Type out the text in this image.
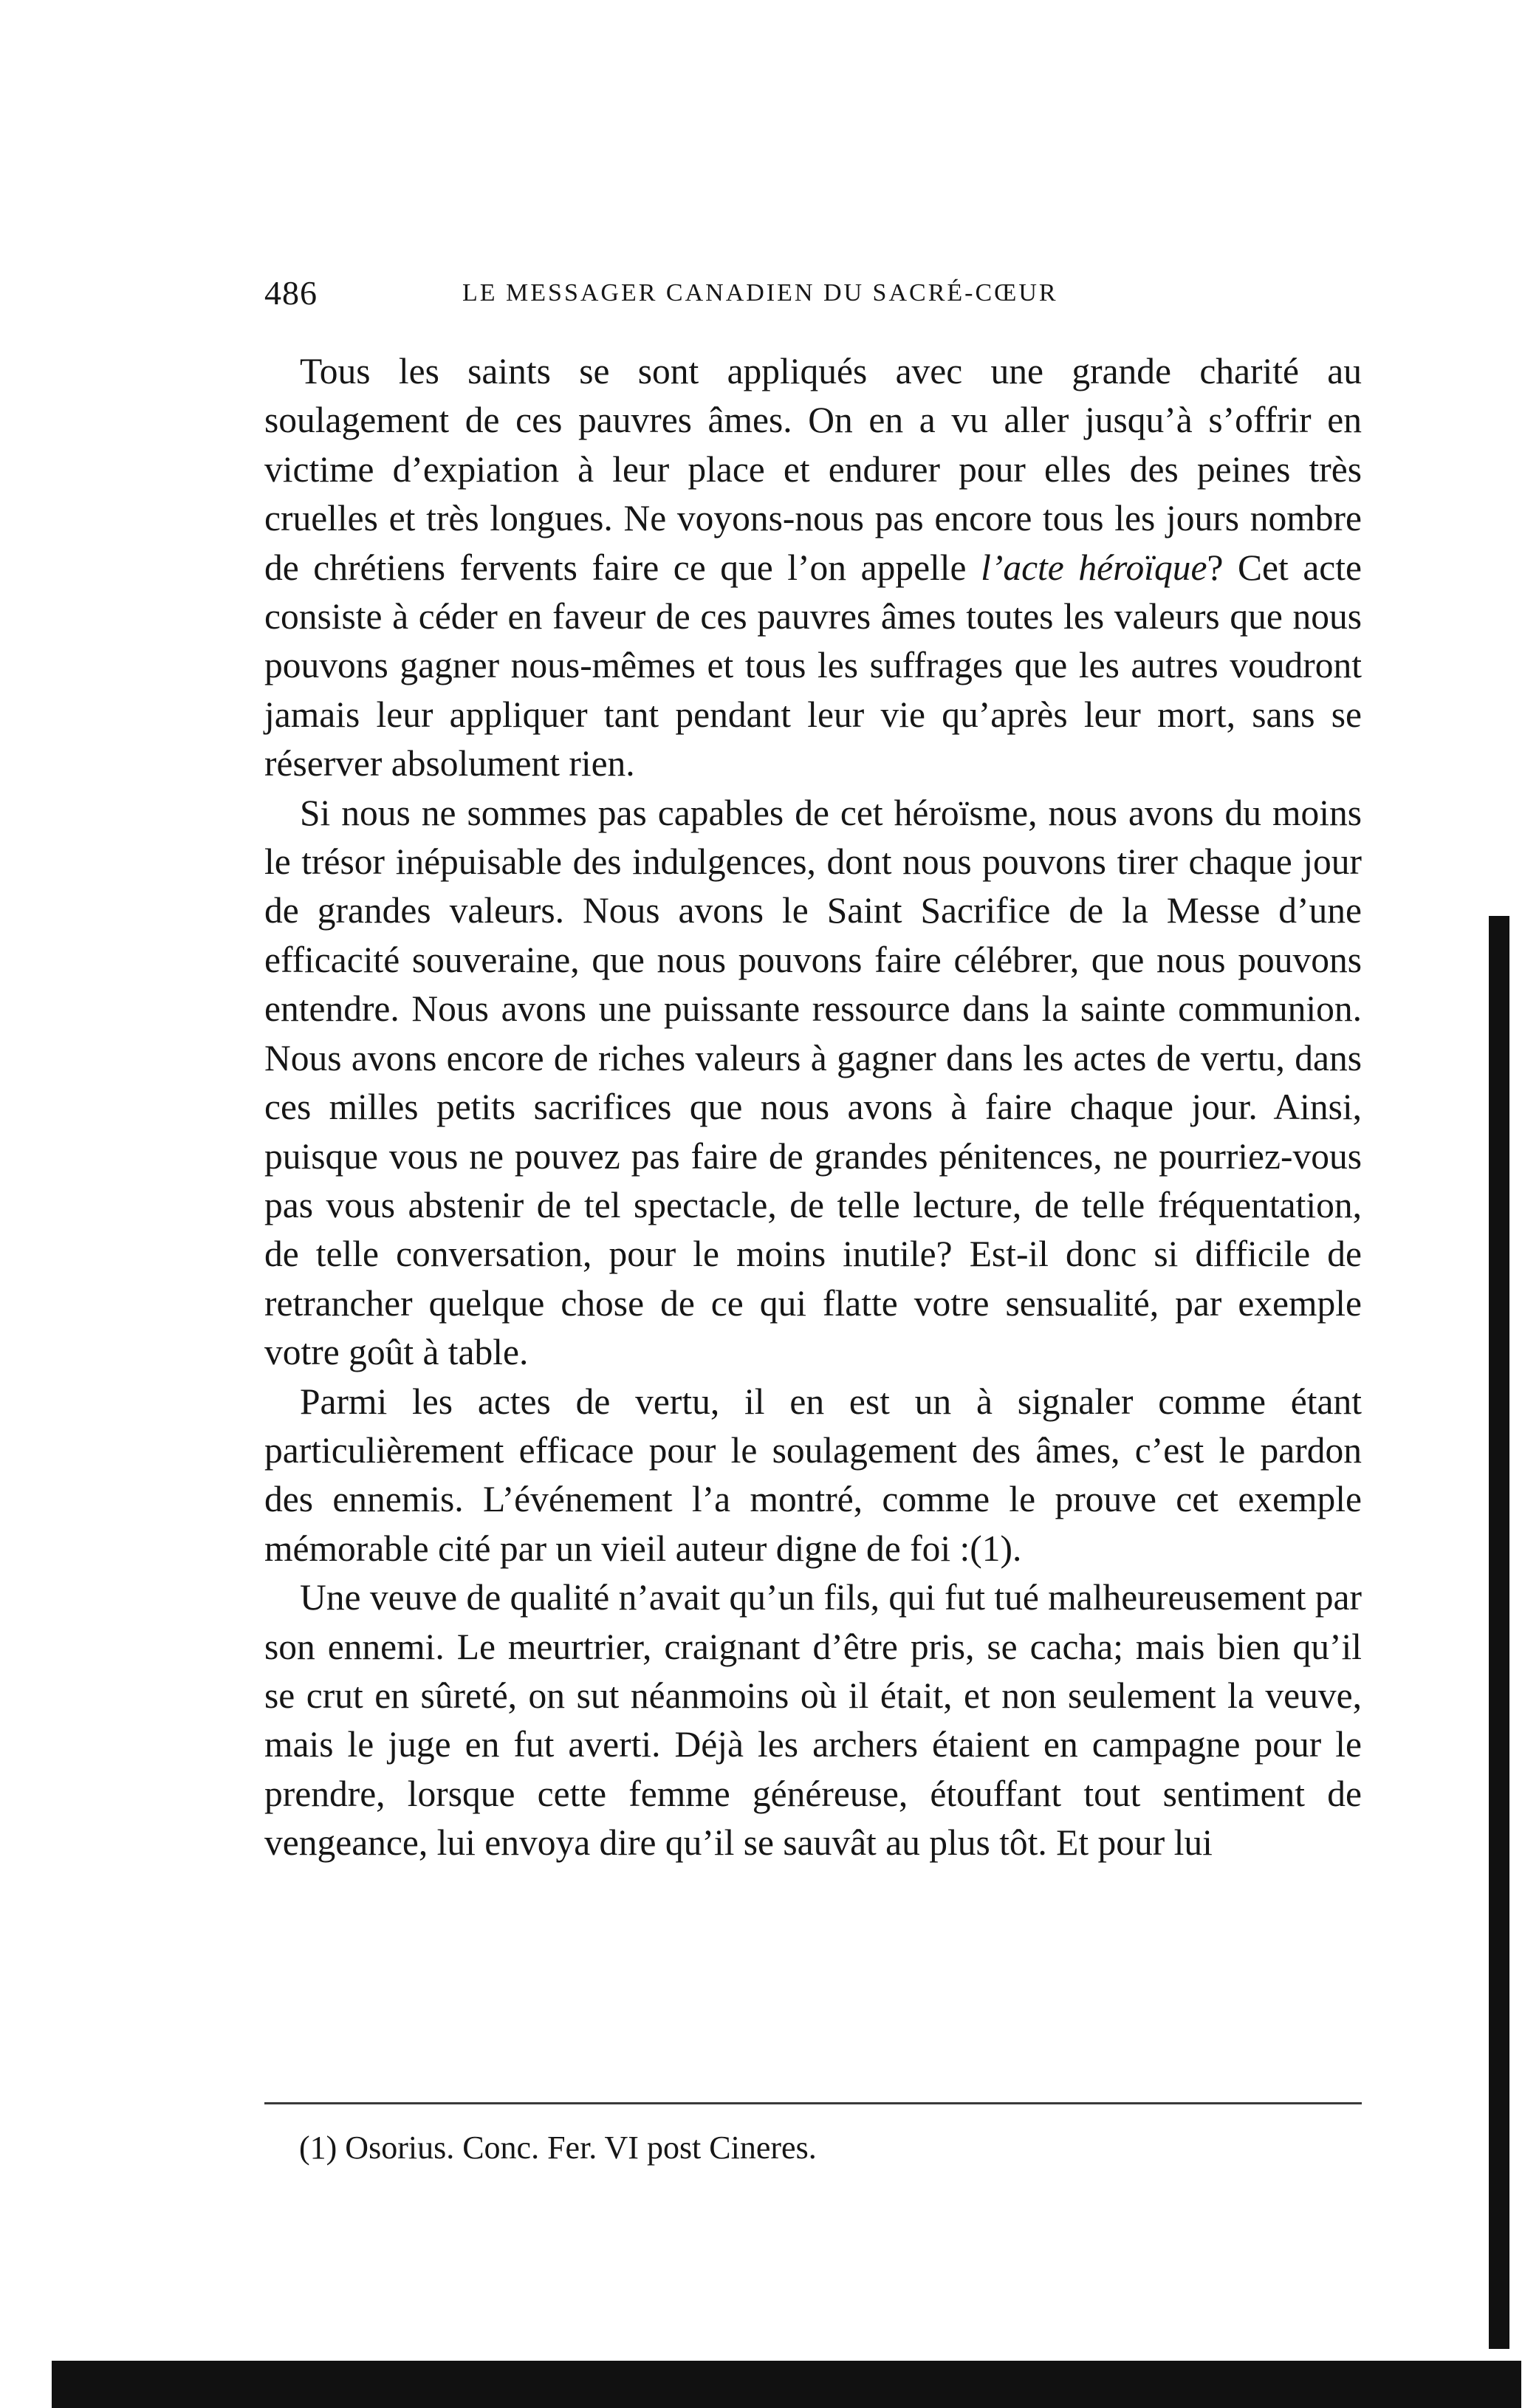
486	LE MESSAGER CANADIEN DU SACRÉ-CŒUR

Tous les saints se sont appliqués avec une grande charité au soulagement de ces pauvres âmes. On en a vu aller jusqu’à s’offrir en victime d’expiation à leur place et endurer pour elles des peines très cruelles et très longues. Ne voyons-nous pas encore tous les jours nombre de chrétiens fervents faire ce que l’on appelle l’acte héroïque? Cet acte consiste à céder en faveur de ces pauvres âmes toutes les valeurs que nous pouvons gagner nous-mêmes et tous les suffrages que les autres voudront jamais leur appliquer tant pendant leur vie qu’après leur mort, sans se réserver absolument rien.

Si nous ne sommes pas capables de cet héroïsme, nous avons du moins le trésor inépuisable des indulgences, dont nous pouvons tirer chaque jour de grandes valeurs. Nous avons le Saint Sacrifice de la Messe d’une efficacité souveraine, que nous pouvons faire célébrer, que nous pouvons entendre. Nous avons une puissante ressource dans la sainte communion. Nous avons encore de riches valeurs à gagner dans les actes de vertu, dans ces milles petits sacrifices que nous avons à faire chaque jour. Ainsi, puisque vous ne pouvez pas faire de grandes pénitences, ne pourriez-vous pas vous abstenir de tel spectacle, de telle lecture, de telle fréquentation, de telle conversation, pour le moins inutile? Est-il donc si difficile de retrancher quelque chose de ce qui flatte votre sensualité, par exemple votre goût à table.

Parmi les actes de vertu, il en est un à signaler comme étant particulièrement efficace pour le soulagement des âmes, c’est le pardon des ennemis. L’événement l’a montré, comme le prouve cet exemple mémorable cité par un vieil auteur digne de foi :(1).

Une veuve de qualité n’avait qu’un fils, qui fut tué malheureusement par son ennemi. Le meurtrier, craignant d’être pris, se cacha; mais bien qu’il se crut en sûreté, on sut néanmoins où il était, et non seulement la veuve, mais le juge en fut averti. Déjà les archers étaient en campagne pour le prendre, lorsque cette femme généreuse, étouffant tout sentiment de vengeance, lui envoya dire qu’il se sauvât au plus tôt. Et pour lui

(1) Osorius. Conc. Fer. VI post Cineres.
